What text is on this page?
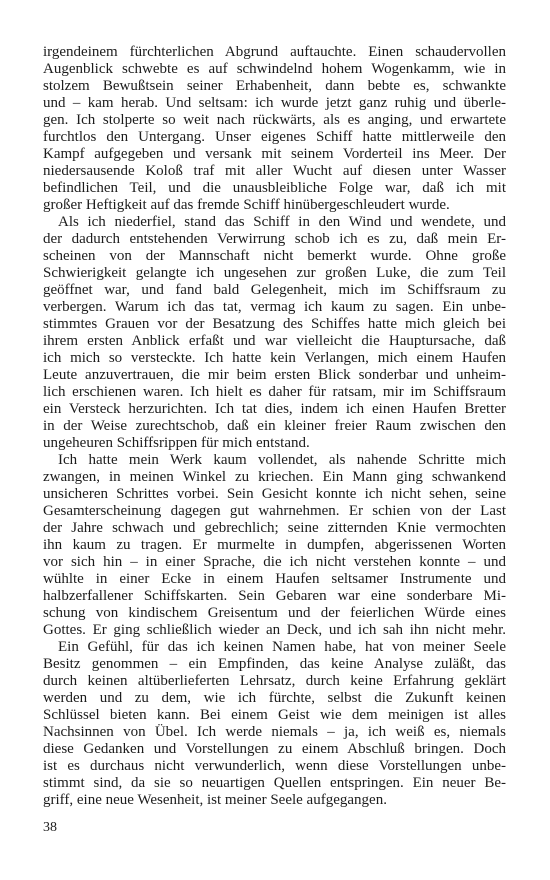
irgendeinem fürchterlichen Abgrund auftauchte. Einen schaudervollen
Augenblick schwebte es auf schwindelnd hohem Wogenkamm, wie in
stolzem Bewußtsein seiner Erhabenheit, dann bebte es, schwankte
und – kam herab. Und seltsam: ich wurde jetzt ganz ruhig und überle-
gen. Ich stolperte so weit nach rückwärts, als es anging, und erwartete
furchtlos den Untergang. Unser eigenes Schiff hatte mittlerweile den
Kampf aufgegeben und versank mit seinem Vorderteil ins Meer. Der
niedersausende Koloß traf mit aller Wucht auf diesen unter Wasser
befindlichen Teil, und die unausbleibliche Folge war, daß ich mit
großer Heftigkeit auf das fremde Schiff hinübergeschleudert wurde.
Als ich niederfiel, stand das Schiff in den Wind und wendete, und
der dadurch entstehenden Verwirrung schob ich es zu, daß mein Er-
scheinen von der Mannschaft nicht bemerkt wurde. Ohne große
Schwierigkeit gelangte ich ungesehen zur großen Luke, die zum Teil
geöffnet war, und fand bald Gelegenheit, mich im Schiffsraum zu
verbergen. Warum ich das tat, vermag ich kaum zu sagen. Ein unbe-
stimmtes Grauen vor der Besatzung des Schiffes hatte mich gleich bei
ihrem ersten Anblick erfaßt und war vielleicht die Hauptursache, daß
ich mich so versteckte. Ich hatte kein Verlangen, mich einem Haufen
Leute anzuvertrauen, die mir beim ersten Blick sonderbar und unheim-
lich erschienen waren. Ich hielt es daher für ratsam, mir im Schiffsraum
ein Versteck herzurichten. Ich tat dies, indem ich einen Haufen Bretter
in der Weise zurechtschob, daß ein kleiner freier Raum zwischen den
ungeheuren Schiffsrippen für mich entstand.
Ich hatte mein Werk kaum vollendet, als nahende Schritte mich
zwangen, in meinen Winkel zu kriechen. Ein Mann ging schwankend
unsicheren Schrittes vorbei. Sein Gesicht konnte ich nicht sehen, seine
Gesamterscheinung dagegen gut wahrnehmen. Er schien von der Last
der Jahre schwach und gebrechlich; seine zitternden Knie vermochten
ihn kaum zu tragen. Er murmelte in dumpfen, abgerissenen Worten
vor sich hin – in einer Sprache, die ich nicht verstehen konnte – und
wühlte in einer Ecke in einem Haufen seltsamer Instrumente und
halbzerfallener Schiffskarten. Sein Gebaren war eine sonderbare Mi-
schung von kindischem Greisentum und der feierlichen Würde eines
Gottes. Er ging schließlich wieder an Deck, und ich sah ihn nicht mehr.
Ein Gefühl, für das ich keinen Namen habe, hat von meiner Seele
Besitz genommen – ein Empfinden, das keine Analyse zuläßt, das
durch keinen altüberlieferten Lehrsatz, durch keine Erfahrung geklärt
werden und zu dem, wie ich fürchte, selbst die Zukunft keinen
Schlüssel bieten kann. Bei einem Geist wie dem meinigen ist alles
Nachsinnen von Übel. Ich werde niemals – ja, ich weiß es, niemals
diese Gedanken und Vorstellungen zu einem Abschluß bringen. Doch
ist es durchaus nicht verwunderlich, wenn diese Vorstellungen unbe-
stimmt sind, da sie so neuartigen Quellen entspringen. Ein neuer Be-
griff, eine neue Wesenheit, ist meiner Seele aufgegangen.
38
